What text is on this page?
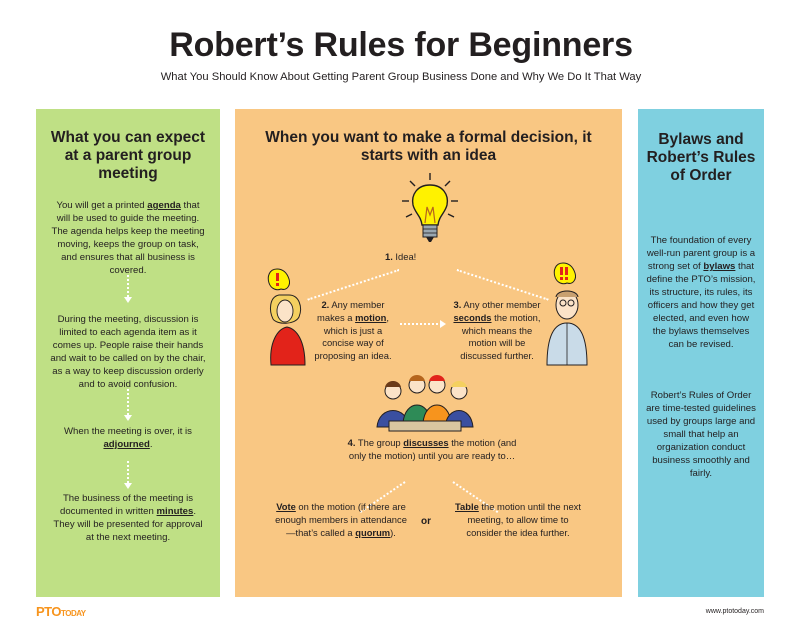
Robert’s Rules for Beginners

What You Should Know About Getting Parent Group Business Done and Why We Do It That Way

What you can expect at a parent group meeting

You will get a printed agenda that will be used to guide the meeting. The agenda helps keep the meeting moving, keeps the group on task, and ensures that all business is covered.

During the meeting, discussion is limited to each agenda item as it comes up. People raise their hands and wait to be called on by the chair, as a way to keep discussion orderly and to avoid confusion.

When the meeting is over, it is adjourned.

The business of the meeting is documented in written minutes. They will be presented for approval at the next meeting.

When you want to make a formal decision, it starts with an idea

1. Idea!

2. Any member makes a motion, which is just a concise way of proposing an idea.

3. Any other member seconds the motion, which means the motion will be discussed further.

4. The group discusses the motion (and only the motion) until you are ready to…

Vote on the motion (if there are enough members in attendance—that’s called a quorum).

or

Table the motion until the next meeting, to allow time to consider the idea further.

Bylaws and Robert’s Rules of Order

The foundation of every well-run parent group is a strong set of bylaws that define the PTO’s mission, its structure, its rules, its officers and how they get elected, and even how the bylaws themselves can be revised.

Robert’s Rules of Order are time-tested guidelines used by groups large and small that help an organization conduct business smoothly and fairly.

PTOTODAY	www.ptotoday.com
